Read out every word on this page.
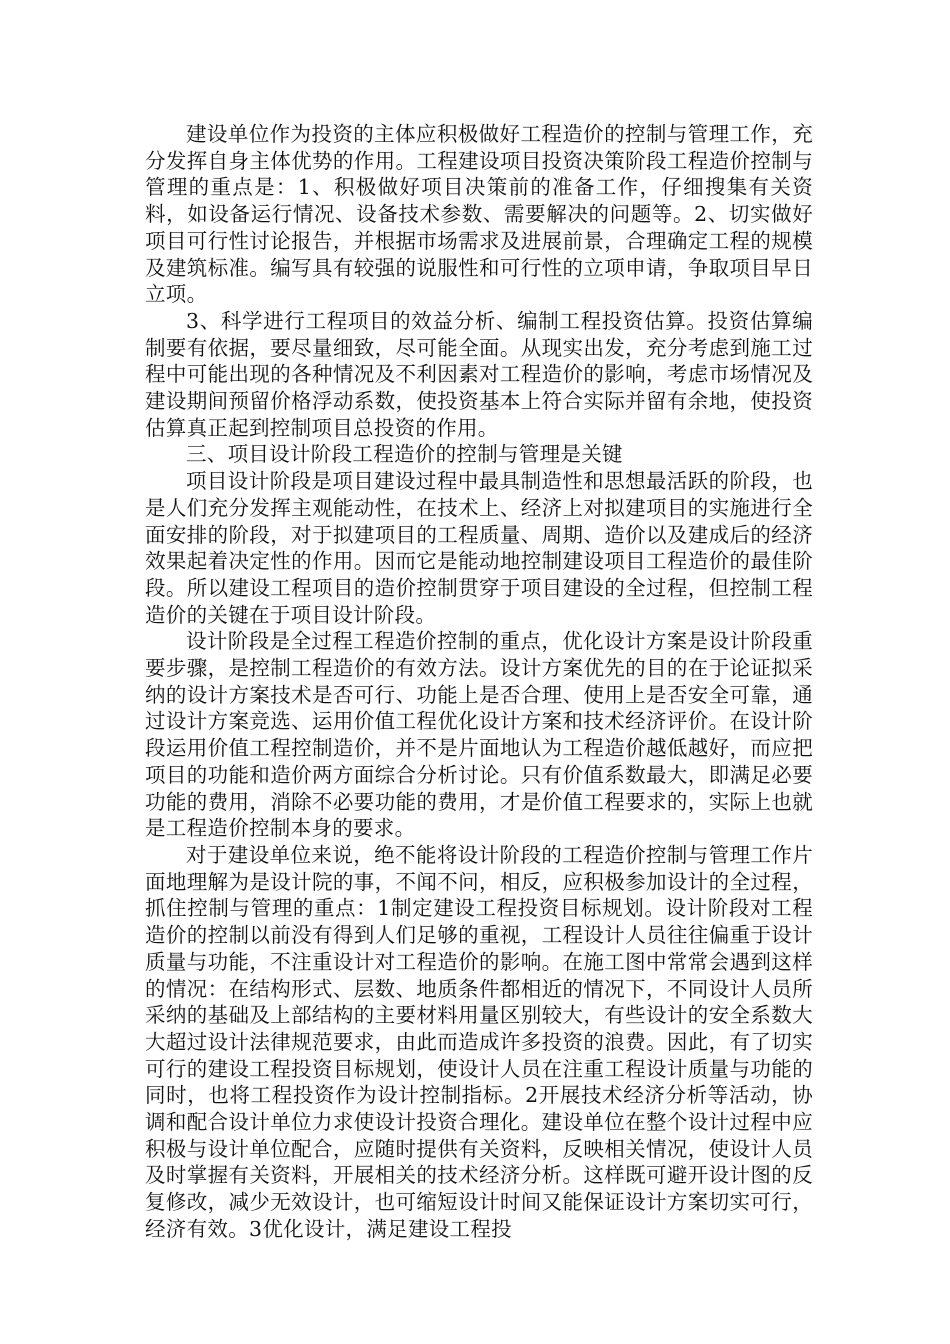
建设单位作为投资的主体应积极做好工程造价的控制与管理工作，充分发挥自身主体优势的作用。工程建设项目投资决策阶段工程造价控制与管理的重点是：1、积极做好项目决策前的准备工作，仔细搜集有关资料，如设备运行情况、设备技术参数、需要解决的问题等。2、切实做好项目可行性讨论报告，并根据市场需求及进展前景，合理确定工程的规模及建筑标准。编写具有较强的说服性和可行性的立项申请，争取项目早日立项。

3、科学进行工程项目的效益分析、编制工程投资估算。投资估算编制要有依据，要尽量细致，尽可能全面。从现实出发，充分考虑到施工过程中可能出现的各种情况及不利因素对工程造价的影响，考虑市场情况及建设期间预留价格浮动系数，使投资基本上符合实际并留有余地，使投资估算真正起到控制项目总投资的作用。

三、项目设计阶段工程造价的控制与管理是关键

项目设计阶段是项目建设过程中最具制造性和思想最活跃的阶段，也是人们充分发挥主观能动性，在技术上、经济上对拟建项目的实施进行全面安排的阶段，对于拟建项目的工程质量、周期、造价以及建成后的经济效果起着决定性的作用。因而它是能动地控制建设项目工程造价的最佳阶段。所以建设工程项目的造价控制贯穿于项目建设的全过程，但控制工程造价的关键在于项目设计阶段。

设计阶段是全过程工程造价控制的重点，优化设计方案是设计阶段重要步骤，是控制工程造价的有效方法。设计方案优先的目的在于论证拟采纳的设计方案技术是否可行、功能上是否合理、使用上是否安全可靠，通过设计方案竞选、运用价值工程优化设计方案和技术经济评价。在设计阶段运用价值工程控制造价，并不是片面地认为工程造价越低越好，而应把项目的功能和造价两方面综合分析讨论。只有价值系数最大，即满足必要功能的费用，消除不必要功能的费用，才是价值工程要求的，实际上也就是工程造价控制本身的要求。

对于建设单位来说，绝不能将设计阶段的工程造价控制与管理工作片面地理解为是设计院的事，不闻不问，相反，应积极参加设计的全过程，抓住控制与管理的重点：1制定建设工程投资目标规划。设计阶段对工程造价的控制以前没有得到人们足够的重视，工程设计人员往往偏重于设计质量与功能，不注重设计对工程造价的影响。在施工图中常常会遇到这样的情况：在结构形式、层数、地质条件都相近的情况下，不同设计人员所采纳的基础及上部结构的主要材料用量区别较大，有些设计的安全系数大大超过设计法律规范要求，由此而造成许多投资的浪费。因此，有了切实可行的建设工程投资目标规划，使设计人员在注重工程设计质量与功能的同时，也将工程投资作为设计控制指标。2开展技术经济分析等活动，协调和配合设计单位力求使设计投资合理化。建设单位在整个设计过程中应积极与设计单位配合，应随时提供有关资料，反映相关情况，使设计人员及时掌握有关资料，开展相关的技术经济分析。这样既可避开设计图的反复修改，减少无效设计，也可缩短设计时间又能保证设计方案切实可行，经济有效。3优化设计，满足建设工程投
